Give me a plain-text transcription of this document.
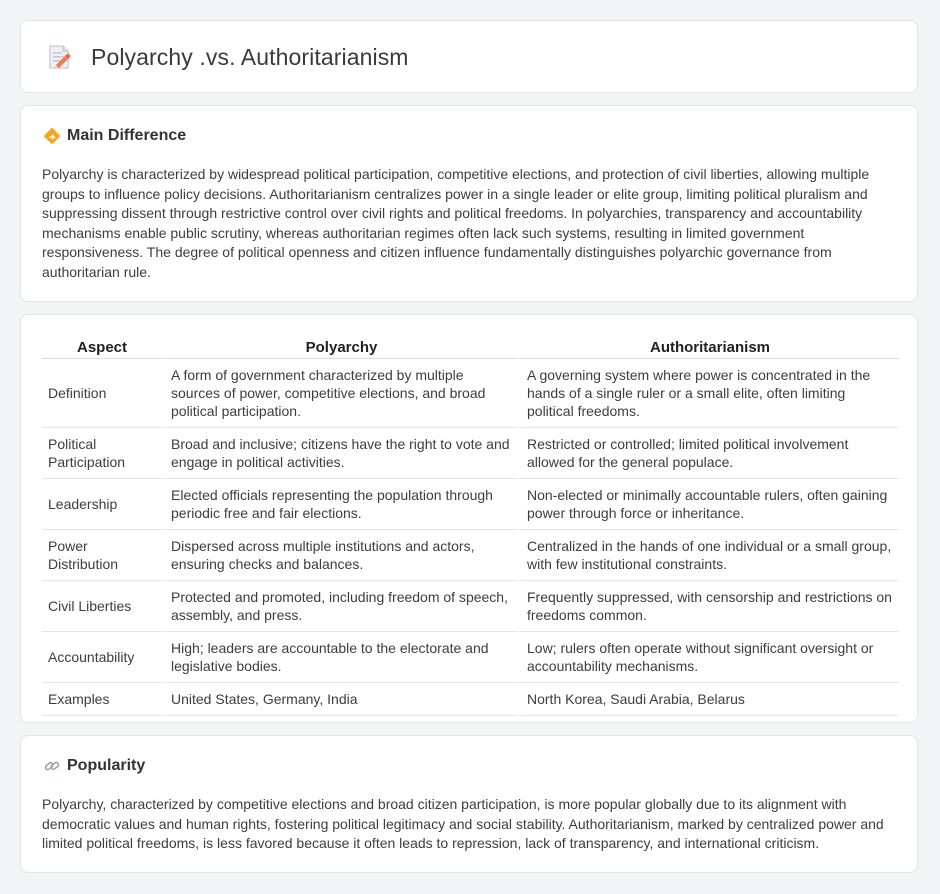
Polyarchy .vs. Authoritarianism
Main Difference

Polyarchy is characterized by widespread political participation, competitive elections, and protection of civil liberties, allowing multiple groups to influence policy decisions. Authoritarianism centralizes power in a single leader or elite group, limiting political pluralism and suppressing dissent through restrictive control over civil rights and political freedoms. In polyarchies, transparency and accountability mechanisms enable public scrutiny, whereas authoritarian regimes often lack such systems, resulting in limited government responsiveness. The degree of political openness and citizen influence fundamentally distinguishes polyarchic governance from authoritarian rule.

Aspect	Polyarchy	Authoritarianism
Definition	A form of government characterized by multiple sources of power, competitive elections, and broad political participation.	A governing system where power is concentrated in the hands of a single ruler or a small elite, often limiting political freedoms.
Political Participation	Broad and inclusive; citizens have the right to vote and engage in political activities.	Restricted or controlled; limited political involvement allowed for the general populace.
Leadership	Elected officials representing the population through periodic free and fair elections.	Non-elected or minimally accountable rulers, often gaining power through force or inheritance.
Power Distribution	Dispersed across multiple institutions and actors, ensuring checks and balances.	Centralized in the hands of one individual or a small group, with few institutional constraints.
Civil Liberties	Protected and promoted, including freedom of speech, assembly, and press.	Frequently suppressed, with censorship and restrictions on freedoms common.
Accountability	High; leaders are accountable to the electorate and legislative bodies.	Low; rulers often operate without significant oversight or accountability mechanisms.
Examples	United States, Germany, India	North Korea, Saudi Arabia, Belarus
Popularity

Polyarchy, characterized by competitive elections and broad citizen participation, is more popular globally due to its alignment with democratic values and human rights, fostering political legitimacy and social stability. Authoritarianism, marked by centralized power and limited political freedoms, is less favored because it often leads to repression, lack of transparency, and international criticism.
